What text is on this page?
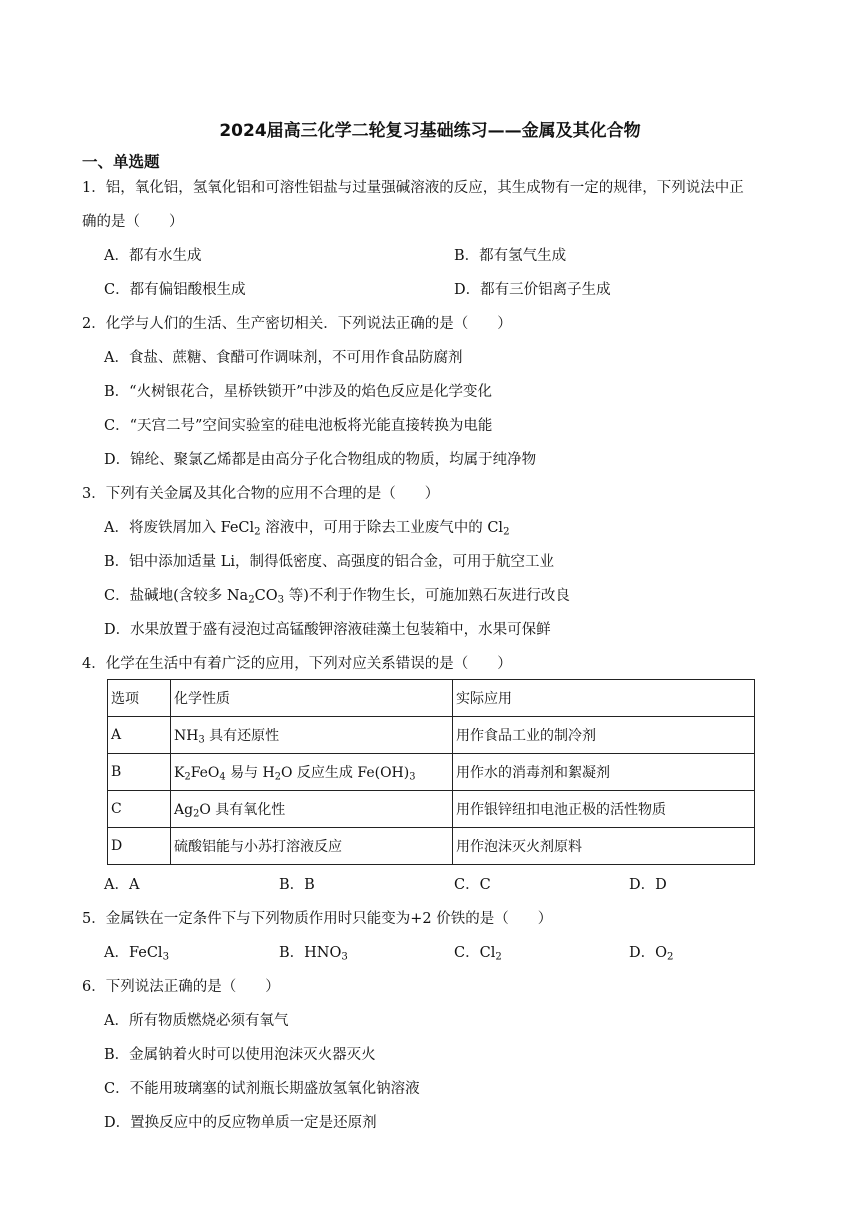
2024届高三化学二轮复习基础练习——金属及其化合物
一、单选题
1．铝，氧化铝，氢氧化铝和可溶性铝盐与过量强碱溶液的反应，其生成物有一定的规律，下列说法中正
确的是（　　）
A．都有水生成	B．都有氢气生成
C．都有偏铝酸根生成	D．都有三价铝离子生成
2．化学与人们的生活、生产密切相关．下列说法正确的是（　　）
A．食盐、蔗糖、食醋可作调味剂，不可用作食品防腐剂
B．“火树银花合，星桥铁锁开”中涉及的焰色反应是化学变化
C．“天宫二号”空间实验室的硅电池板将光能直接转换为电能
D．锦纶、聚氯乙烯都是由高分子化合物组成的物质，均属于纯净物
3．下列有关金属及其化合物的应用不合理的是（　　）
A．将废铁屑加入 FeCl$_2$ 溶液中，可用于除去工业废气中的 $Cl_2$
B．铝中添加适量 Li，制得低密度、高强度的铝合金，可用于航空工业
C．盐碱地(含较多 $Na_2CO_3$ 等)不利于作物生长，可施加熟石灰进行改良
D．水果放置于盛有浸泡过高锰酸钾溶液硅藻土包装箱中，水果可保鲜
4．化学在生活中有着广泛的应用，下列对应关系错误的是（　　）
选项	化学性质	实际应用
A	$NH_3$ 具有还原性	用作食品工业的制冷剂
B	$K_2FeO_4$ 易与 $H_2O$ 反应生成 $Fe(OH)_3$	用作水的消毒剂和絮凝剂
C	$Ag_2O$ 具有氧化性	用作银锌纽扣电池正极的活性物质
D	硫酸铝能与小苏打溶液反应	用作泡沫灭火剂原料
A．A	B．B	C．C	D．D
5．金属铁在一定条件下与下列物质作用时只能变为+2 价铁的是（　　）
A．FeCl$_3$	B．$HNO_3$	C．$Cl_2$	D．$O_2$
6．下列说法正确的是（　　）
A．所有物质燃烧必须有氧气
B．金属钠着火时可以使用泡沫灭火器灭火
C．不能用玻璃塞的试剂瓶长期盛放氢氧化钠溶液
D．置换反应中的反应物单质一定是还原剂
